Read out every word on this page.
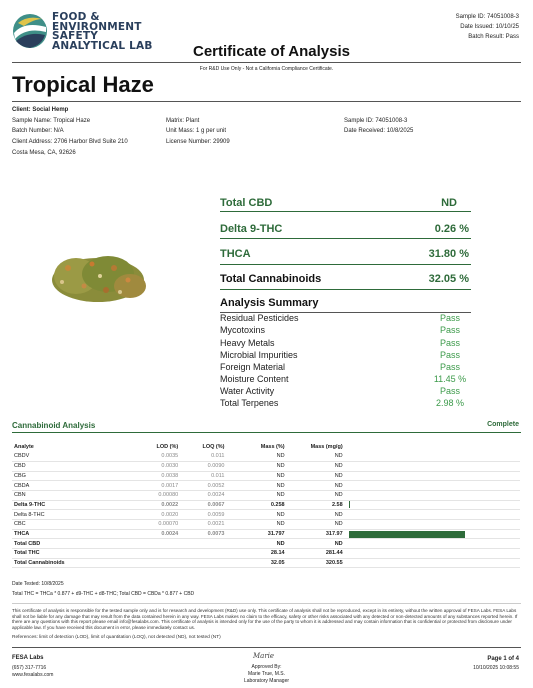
FOOD &
ENVIRONMENT
SAFETY
ANALYTICAL LAB	Certificate of Analysis
Sample ID: 74051008-3
Date Issued: 10/10/25
Batch Result: Pass
For R&D Use Only - Not a California Compliance Certificate.
Tropical Haze
Client: Social Hemp
Sample Name: Tropical Haze
Batch Number: N/A
Client Address: 2706 Harbor Blvd Suite 210
Costa Mesa, CA, 92626
Matrix: Plant
Unit Mass: 1 g per unit
License Number: 29909
Sample ID: 74051008-3
Date Received: 10/8/2025
Total CBD	ND
Delta 9-THC	0.26 %
THCA	31.80 %
Total Cannabinoids	32.05 %
Analysis Summary
Residual Pesticides	Pass
Mycotoxins	Pass
Heavy Metals	Pass
Microbial Impurities	Pass
Foreign Material	Pass
Moisture Content	11.45 %
Water Activity	Pass
Total Terpenes	2.98 %
Cannabinoid Analysis	Complete
Analyte	LOD (%)	LOQ (%)	Mass (%)	Mass (mg/g)	
CBDV	0.0035	0.011	ND	ND	
CBD	0.0030	0.0090	ND	ND	
CBG	0.0038	0.011	ND	ND	
CBDA	0.0017	0.0052	ND	ND	
CBN	0.00080	0.0024	ND	ND	
Delta 9-THC	0.0022	0.0067	0.258	2.58	

Delta 8-THC	0.0020	0.0059	ND	ND	
CBC	0.00070	0.0021	ND	ND	
THCA	0.0024	0.0073	31.797	317.97	

Total CBD			ND	ND	
Total THC			28.14	281.44	
Total Cannabinoids			32.05	320.55	
Date Tested: 10/8/2025
Total THC = THCa * 0.877 + d9-THC + d8-THC; Total CBD = CBDa * 0.877 + CBD
This certificate of analysis is responsible for the tested sample only and is for research and development (R&D) use only. This certificate of analysis shall not be reproduced, except in its entirety, without the written approval of FESA Labs. FESA Labs shall not be liable for any damage that may result from the data contained herein in any way. FESA Labs makes no claim to the efficacy, safety or other risks associated with any detected or non-detected amounts of any substances reported herein. If there are any questions with this report please email info@fesalabs.com. This certificate of analysis is intended only for the use of the party to whom it is addressed and may contain information that is confidential or protected from disclosure under applicable law. If you have received this document in error, please immediately contact us.
References: limit of detection (LOD), limit of quantitation (LOQ), not detected (ND), not tested (NT)
FESA Labs
(657) 317-7716
www.fesalabs.com
Marie
Approved By:
Marie True, M.S.
Laboratory Manager
Page 1 of 4
10/10/2025 10:08:55
